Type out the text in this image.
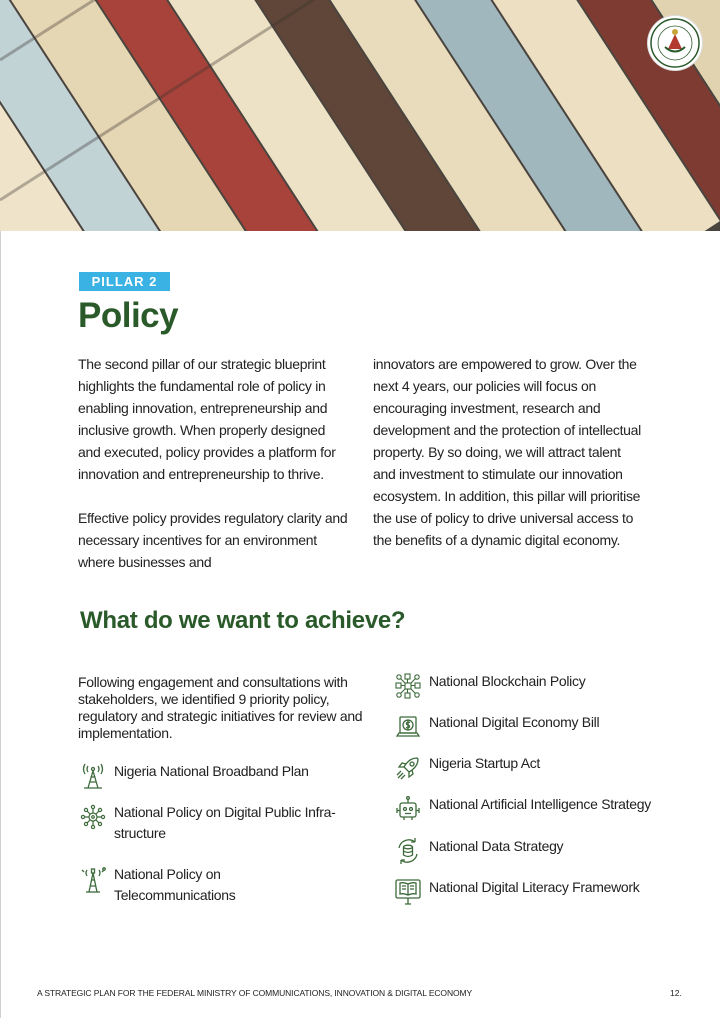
PILLAR 2
Policy

The second pillar of our strategic blueprint highlights the fundamental role of policy in enabling innovation, entrepreneurship and inclusive growth. When properly designed and executed, policy provides a platform for innovation and entrepreneurship to thrive.

Effective policy provides regulatory clarity and necessary incentives for an environment where businesses and

innovators are empowered to grow. Over the next 4 years, our policies will focus on encouraging investment, research and development and the protection of intellectual property. By so doing, we will attract talent and investment to stimulate our innovation ecosystem. In addition, this pillar will prioritise the use of policy to drive universal access to the benefits of a dynamic digital economy.

What do we want to achieve?
Following engagement and consultations with stakeholders, we identified 9 priority policy, regulatory and strategic initiatives for review and implementation.
Nigeria National Broadband Plan
National Policy on Digital Public Infra-structure
National Policy on Telecommunications
National Blockchain Policy
National Digital Economy Bill
Nigeria Startup Act
National Artificial Intelligence Strategy
National Data Strategy
National Digital Literacy Framework
A STRATEGIC PLAN FOR THE FEDERAL MINISTRY OF COMMUNICATIONS, INNOVATION & DIGITAL ECONOMY	12.
